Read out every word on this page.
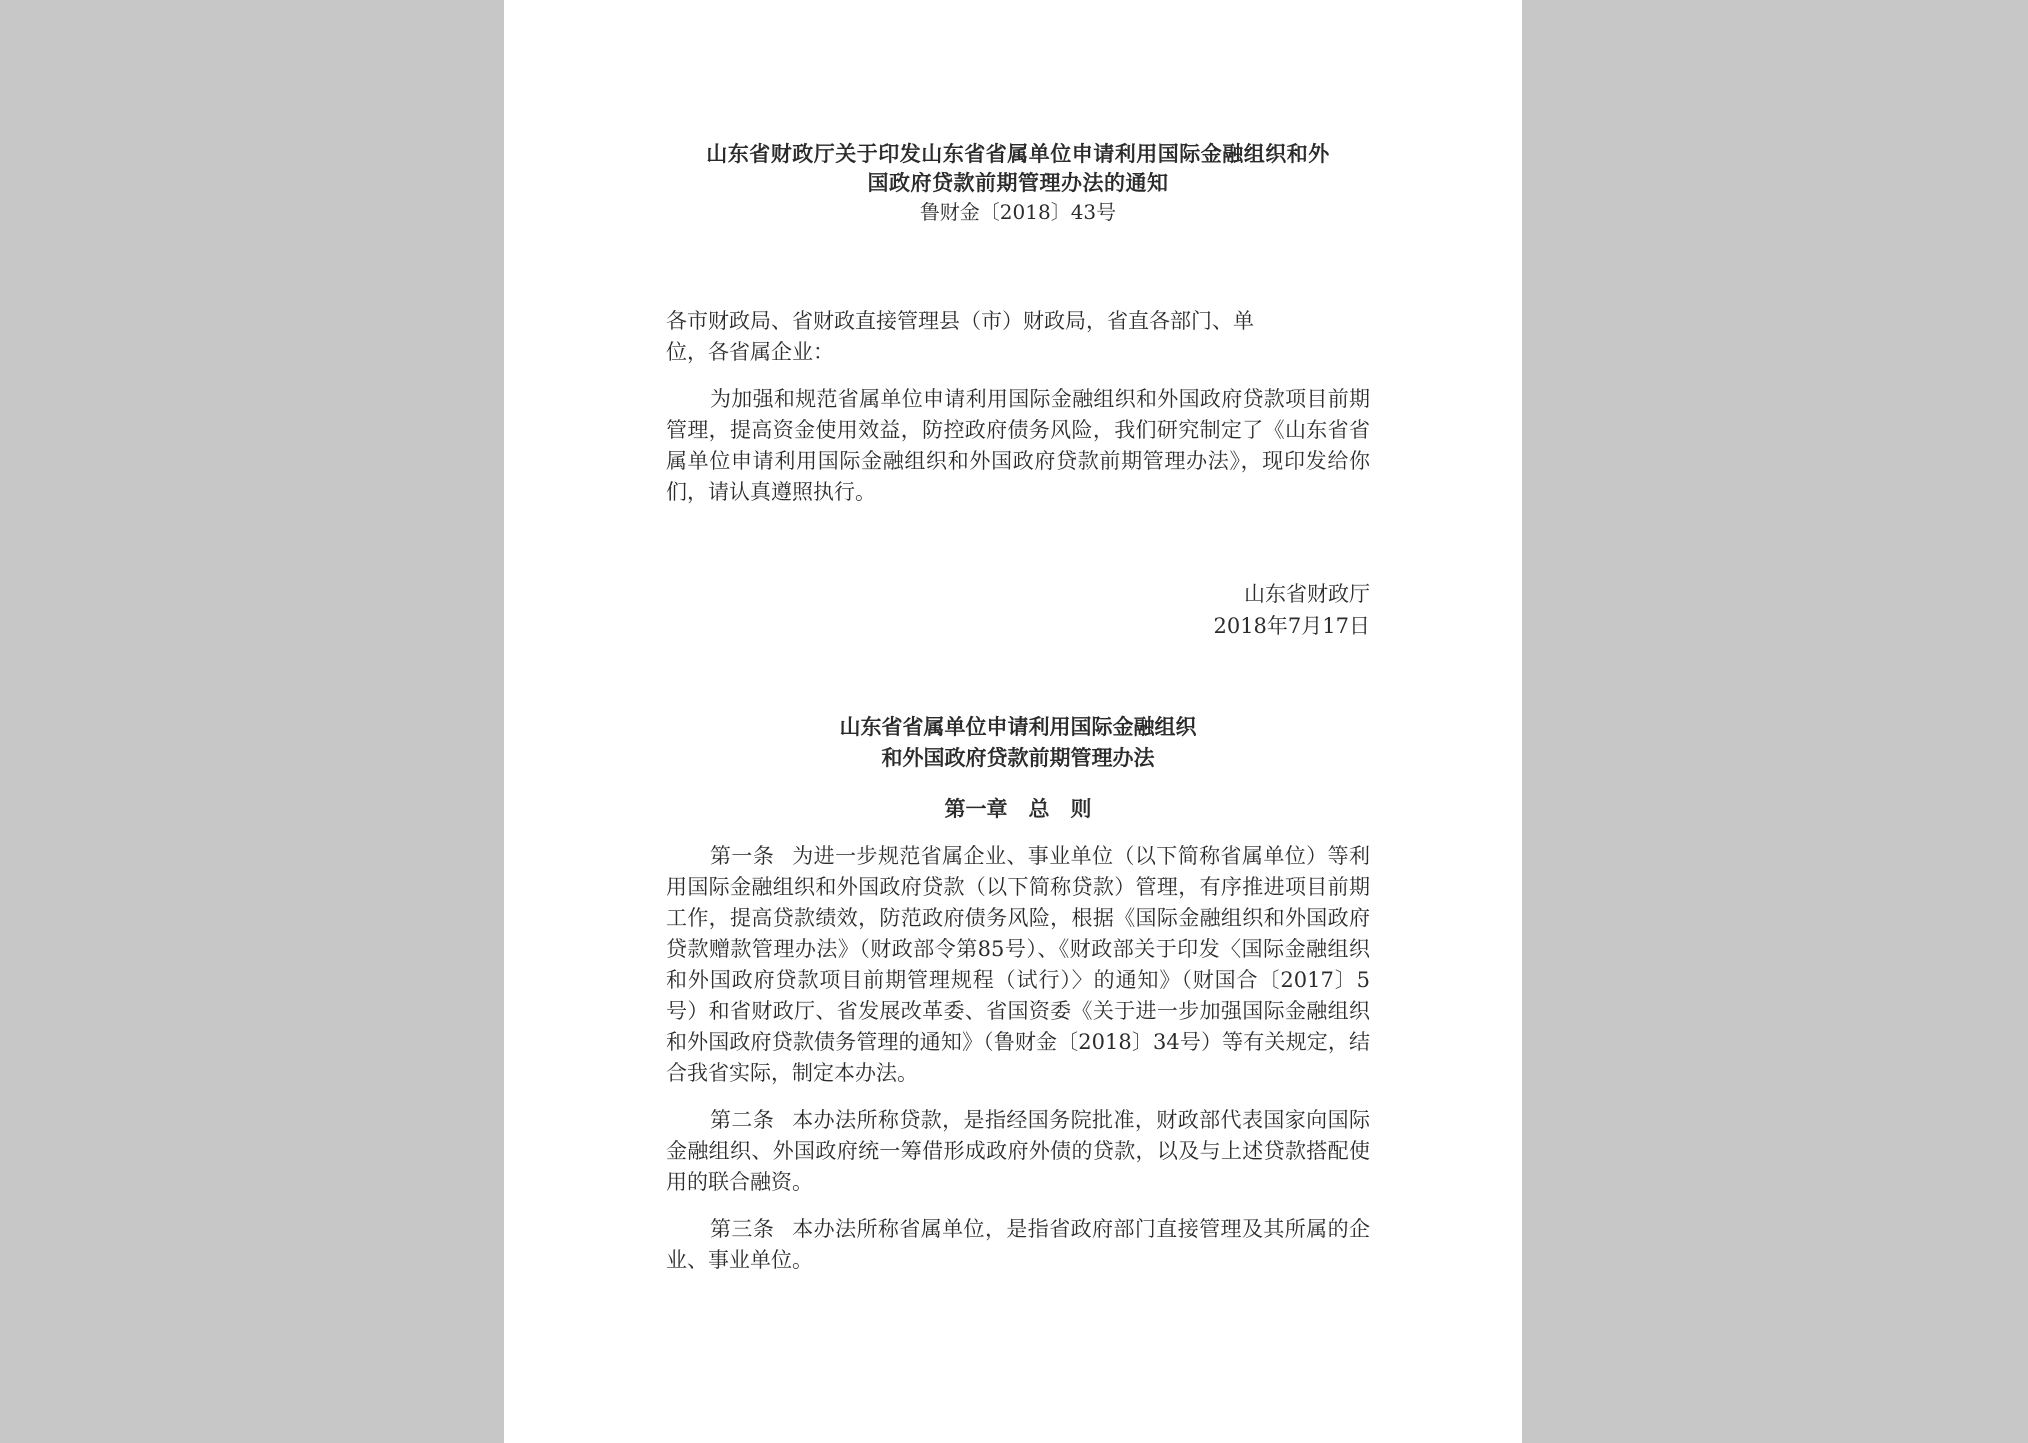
山东省财政厅关于印发山东省省属单位申请利用国际金融组织和外
国政府贷款前期管理办法的通知
鲁财金〔2018〕43号
各市财政局、省财政直接管理县（市）财政局，省直各部门、单
位，各省属企业：

为加强和规范省属单位申请利用国际金融组织和外国政府贷款项目前期管理，提高资金使用效益，防控政府债务风险，我们研究制定了《山东省省属单位申请利用国际金融组织和外国政府贷款前期管理办法》，现印发给你们，请认真遵照执行。

山东省财政厅
2018年7月17日
山东省省属单位申请利用国际金融组织
和外国政府贷款前期管理办法
第一章　总　则

第一条 为进一步规范省属企业、事业单位（以下简称省属单位）等利用国际金融组织和外国政府贷款（以下简称贷款）管理，有序推进项目前期工作，提高贷款绩效，防范政府债务风险，根据《国际金融组织和外国政府贷款赠款管理办法》（财政部令第85号）、《财政部关于印发〈国际金融组织和外国政府贷款项目前期管理规程（试行）〉的通知》（财国合〔2017〕5号）和省财政厅、省发展改革委、省国资委《关于进一步加强国际金融组织和外国政府贷款债务管理的通知》（鲁财金〔2018〕34号）等有关规定，结合我省实际，制定本办法。

第二条 本办法所称贷款，是指经国务院批准，财政部代表国家向国际金融组织、外国政府统一筹借形成政府外债的贷款，以及与上述贷款搭配使用的联合融资。

第三条 本办法所称省属单位，是指省政府部门直接管理及其所属的企业、事业单位。
